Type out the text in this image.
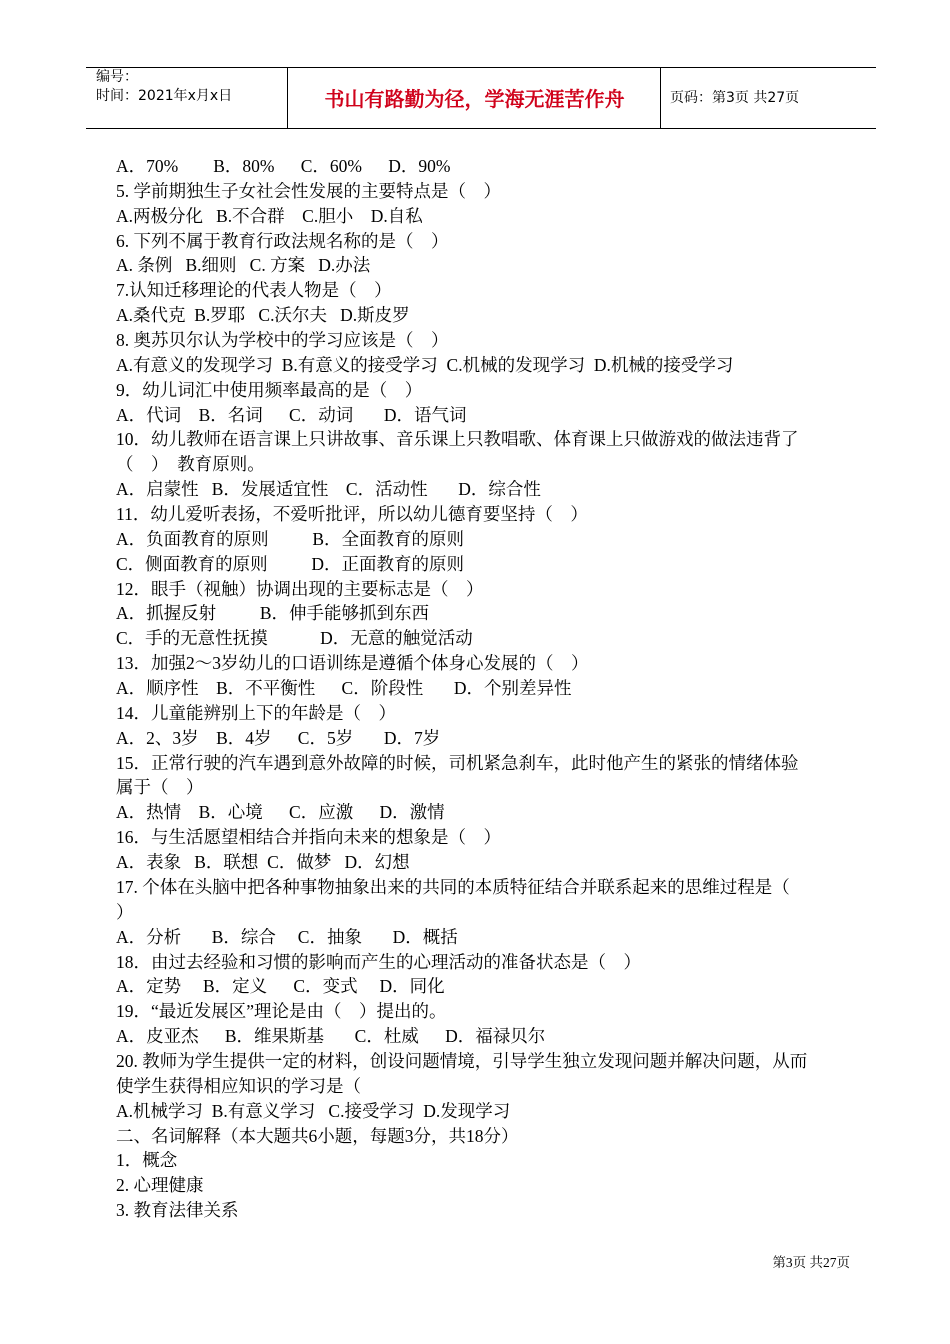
编号：
时间：2021年x月x日	书山有路勤为径，学海无涯苦作舟	页码：第3页 共27页
A．70%        B．80%      C．60%      D．90%
5. 学前期独生子女社会性发展的主要特点是（    ）
A.两极分化   B.不合群    C.胆小    D.自私
6. 下列不属于教育行政法规名称的是（    ）
A. 条例   B.细则   C. 方案   D.办法
7.认知迁移理论的代表人物是（    ）
A.桑代克  B.罗耶   C.沃尔夫   D.斯皮罗
8. 奥苏贝尔认为学校中的学习应该是（    ）
A.有意义的发现学习  B.有意义的接受学习  C.机械的发现学习  D.机械的接受学习
9．幼儿词汇中使用频率最高的是（    ）
A．代词    B．名词      C．动词       D．语气词
10．幼儿教师在语言课上只讲故事、音乐课上只教唱歌、体育课上只做游戏的做法违背了
（    ）  教育原则。
A．启蒙性   B．发展适宜性    C．活动性       D．综合性
11．幼儿爱听表扬，不爱听批评，所以幼儿德育要坚持（    ）
A．负面教育的原则          B．全面教育的原则
C．侧面教育的原则          D．正面教育的原则
12．眼手（视触）协调出现的主要标志是（    ）
A．抓握反射          B．伸手能够抓到东西
C．手的无意性抚摸            D．无意的触觉活动
13．加强2～3岁幼儿的口语训练是遵循个体身心发展的（    ）
A．顺序性    B．不平衡性      C．阶段性       D．个别差异性
14．儿童能辨别上下的年龄是（    ）
A．2、3岁    B．4岁      C．5岁       D．7岁
15．正常行驶的汽车遇到意外故障的时候，司机紧急刹车，此时他产生的紧张的情绪体验
属于（    ）
A．热情    B．心境      C．应激      D．激情
16．与生活愿望相结合并指向未来的想象是（    ）
A．表象   B．联想  C．做梦   D．幻想
17. 个体在头脑中把各种事物抽象出来的共同的本质特征结合并联系起来的思维过程是（
）
A．分析       B．综合     C．抽象       D．概括
18．由过去经验和习惯的影响而产生的心理活动的准备状态是（    ）
A．定势     B．定义      C．变式     D．同化
19．“最近发展区”理论是由（    ）提出的。
A．皮亚杰      B．维果斯基       C．杜威      D．福禄贝尔
20. 教师为学生提供一定的材料，创设问题情境，引导学生独立发现问题并解决问题，从而
使学生获得相应知识的学习是（
A.机械学习  B.有意义学习   C.接受学习  D.发现学习
二、名词解释（本大题共6小题，每题3分，共18分）
1．概念
2. 心理健康
3. 教育法律关系
第3页 共27页
